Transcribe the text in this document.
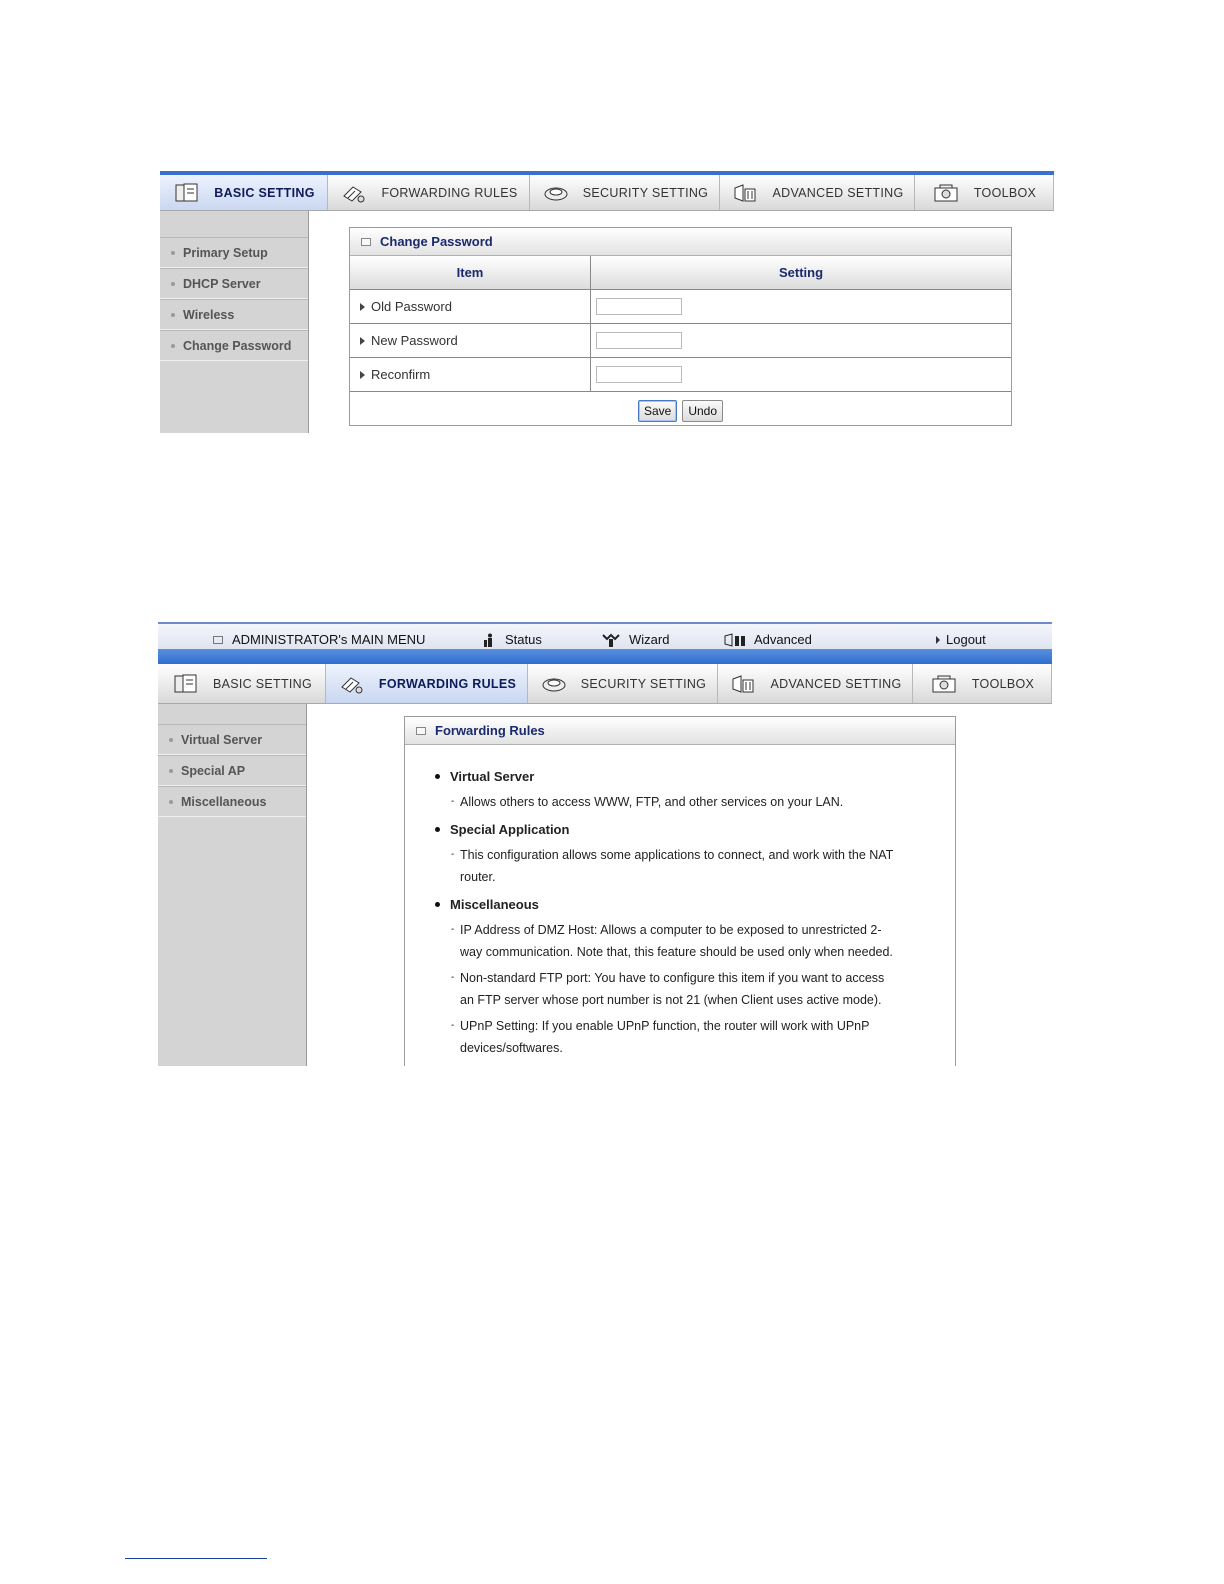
BASIC SETTING	FORWARDING RULES	SECURITY SETTING	ADVANCED SETTING	TOOLBOX
Primary Setup
DHCP Server
Wireless
Change Password
Change Password
Item	Setting
Old Password	

New Password	

Reconfirm	
Save	Undo
ADMINISTRATOR's MAIN MENU	Status	Wizard	Advanced	Logout
BASIC SETTING	FORWARDING RULES	SECURITY SETTING	ADVANCED SETTING	TOOLBOX
Virtual Server
Special AP
Miscellaneous
Forwarding Rules
Virtual Server
- Allows others to access WWW, FTP, and other services on your LAN.
Special Application
- This configuration allows some applications to connect, and work with the NAT router.
Miscellaneous
- IP Address of DMZ Host: Allows a computer to be exposed to unrestricted 2-way communication. Note that, this feature should be used only when needed.
- Non-standard FTP port: You have to configure this item if you want to access an FTP server whose port number is not 21 (when Client uses active mode).
- UPnP Setting: If you enable UPnP function, the router will work with UPnP devices/softwares.
